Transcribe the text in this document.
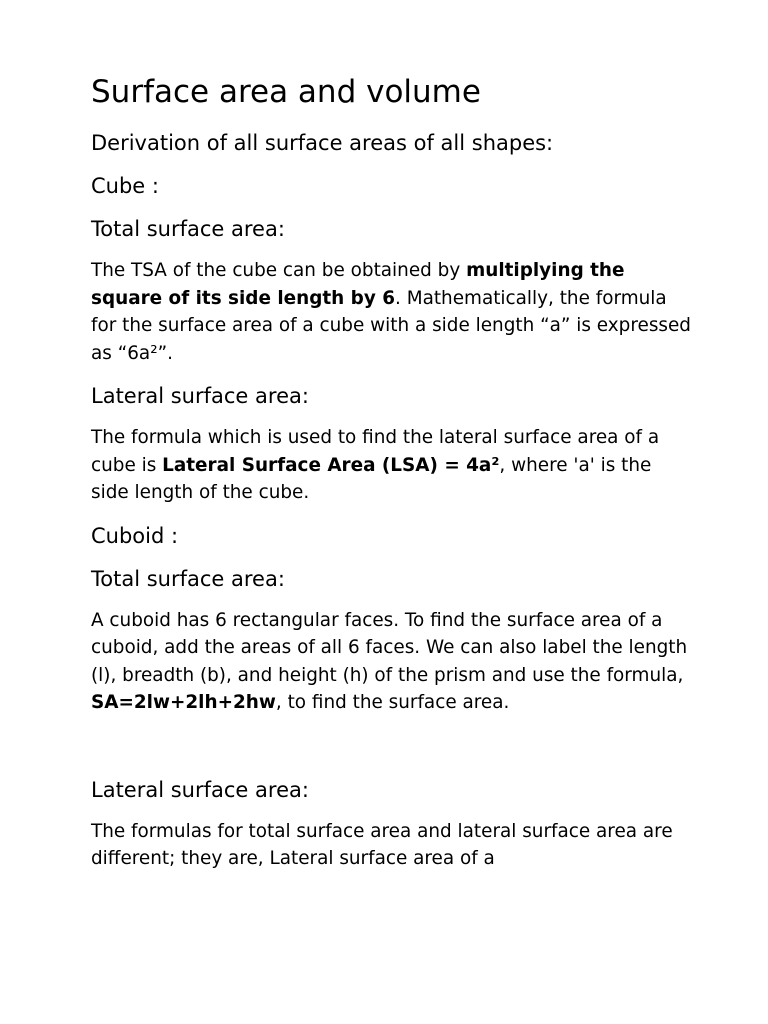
Surface area and volume
Derivation of all surface areas of all shapes:
Cube :
Total surface area:

The TSA of the cube can be obtained by multiplying the square of its side length by 6. Mathematically, the formula for the surface area of a cube with a side length “a” is expressed as “6a²”.

Lateral surface area:

The formula which is used to find the lateral surface area of a cube is Lateral Surface Area (LSA) = 4a², where 'a' is the side length of the cube.

Cuboid :
Total surface area:

A cuboid has 6 rectangular faces. To find the surface area of a cuboid, add the areas of all 6 faces. We can also label the length (l), breadth (b), and height (h) of the prism and use the formula, SA=2lw+2lh+2hw, to find the surface area.

Lateral surface area:

The formulas for total surface area and lateral surface area are different; they are, Lateral surface area of a
